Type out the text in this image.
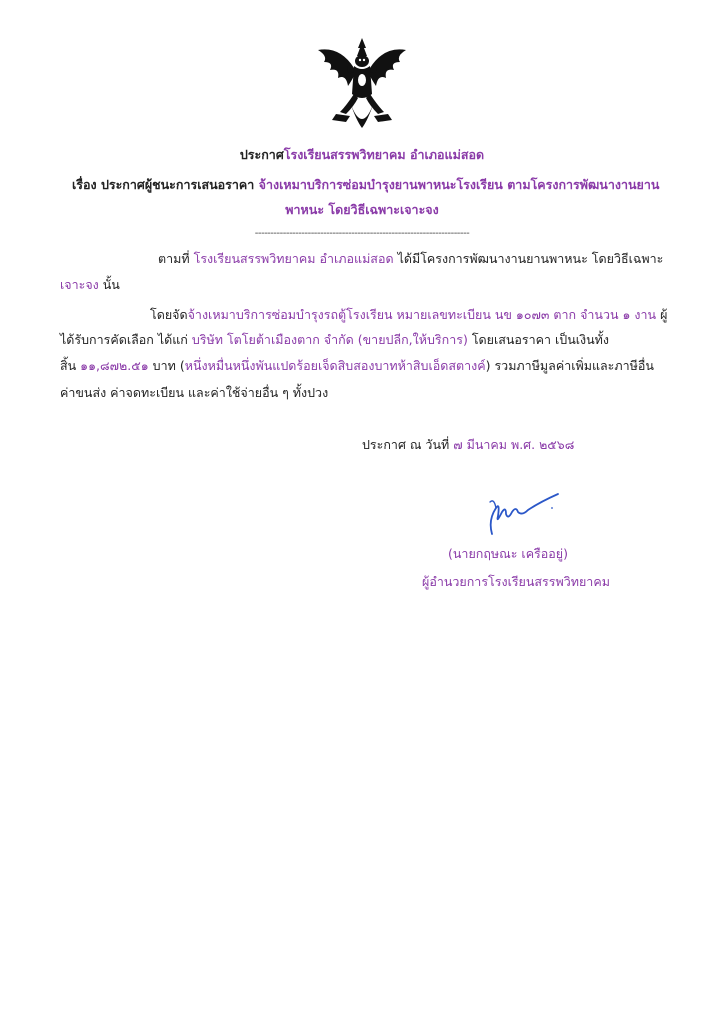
ประกาศโรงเรียนสรรพวิทยาคม อำเภอแม่สอด
เรื่อง ประกาศผู้ชนะการเสนอราคา จ้างเหมาบริการซ่อมบำรุงยานพาหนะโรงเรียน ตามโครงการพัฒนางานยาน
พาหนะ โดยวิธีเฉพาะเจาะจง
---------------------------------------------------------------------
ตามที่ โรงเรียนสรรพวิทยาคม อำเภอแม่สอด ได้มีโครงการพัฒนางานยานพาหนะ โดยวิธีเฉพาะ
เจาะจง นั้น
โดยจัดจ้างเหมาบริการซ่อมบำรุงรถตู้โรงเรียน หมายเลขทะเบียน นข ๑๐๗๓ ตาก จำนวน ๑ งาน ผู้
ได้รับการคัดเลือก ได้แก่ บริษัท โตโยต้าเมืองตาก จำกัด (ขายปลีก,ให้บริการ) โดยเสนอราคา เป็นเงินทั้ง
สิ้น ๑๑,๘๗๒.๕๑ บาท (หนึ่งหมื่นหนึ่งพันแปดร้อยเจ็ดสิบสองบาทห้าสิบเอ็ดสตางค์) รวมภาษีมูลค่าเพิ่มและภาษีอื่น
ค่าขนส่ง ค่าจดทะเบียน และค่าใช้จ่ายอื่น ๆ ทั้งปวง
ประกาศ ณ วันที่ ๗ มีนาคม พ.ศ. ๒๕๖๘
(นายกฤษณะ เครืออยู่)
ผู้อำนวยการโรงเรียนสรรพวิทยาคม
